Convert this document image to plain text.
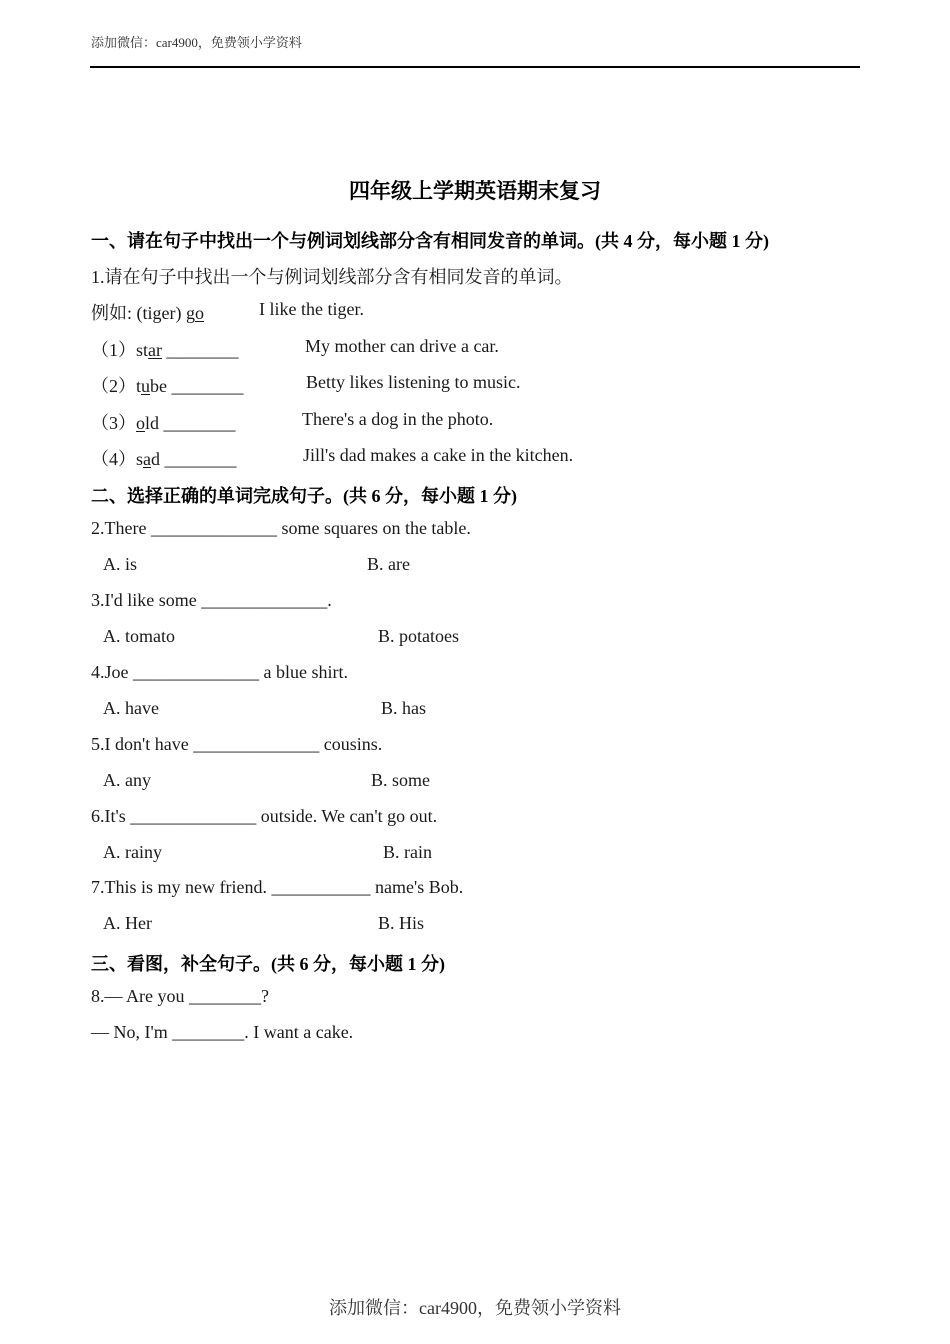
添加微信：car4900，免费领小学资料
四年级上学期英语期末复习
一、请在句子中找出一个与例词划线部分含有相同发音的单词。(共 4 分，每小题 1 分)
1.请在句子中找出一个与例词划线部分含有相同发音的单词。
例如: (tiger) go	I like the tiger.
（1）star ________	My mother can drive a car.
（2）tube ________	Betty likes listening to music.
（3）old ________	There's a dog in the photo.
（4）sad ________	Jill's dad makes a cake in the kitchen.
二、选择正确的单词完成句子。(共 6 分，每小题 1 分)
2.There ______________ some squares on the table.
A. is	B. are
3.I'd like some ______________.
A. tomato	B. potatoes
4.Joe ______________ a blue shirt.
A. have	B. has
5.I don't have ______________ cousins.
A. any	B. some
6.It's ______________ outside. We can't go out.
A. rainy	B. rain
7.This is my new friend. ___________ name's Bob.
A. Her	B. His
三、看图，补全句子。(共 6 分，每小题 1 分)
8.— Are you ________?
— No, I'm ________. I want a cake.
添加微信：car4900，免费领小学资料
